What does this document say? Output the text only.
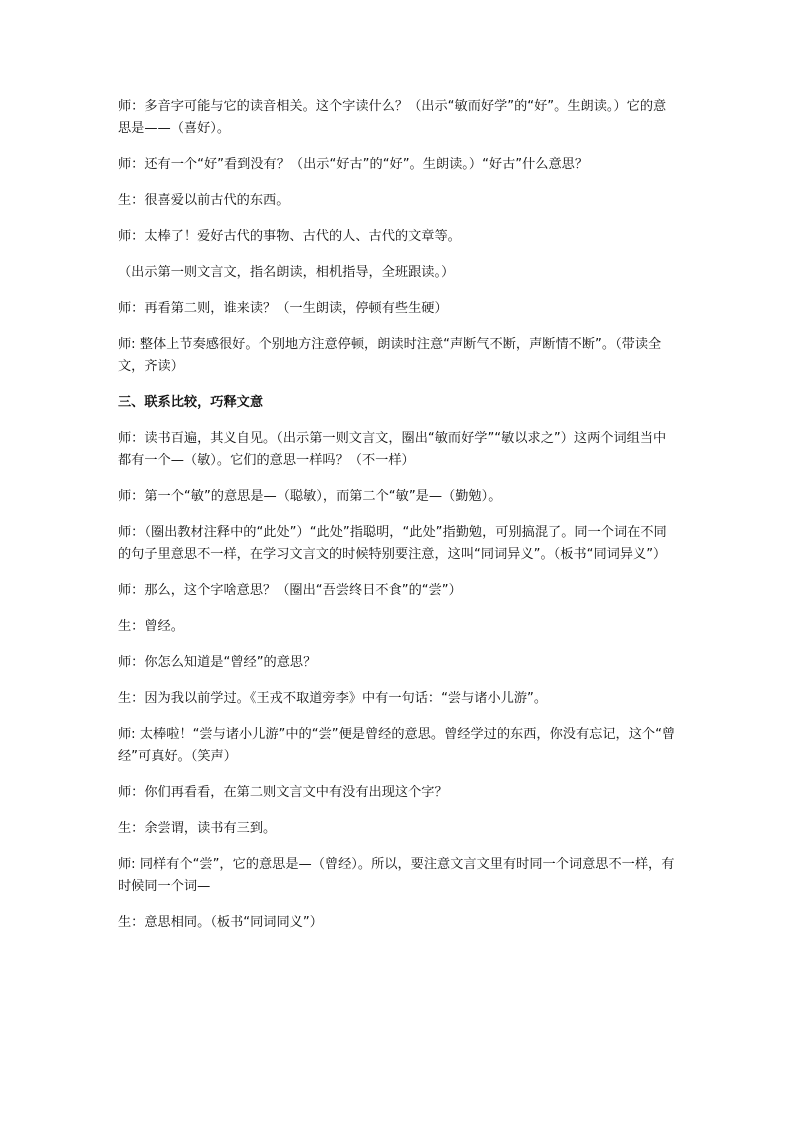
师：多音字可能与它的读音相关。这个字读什么？（出示“敏而好学”的“好”。生朗读。）它的意思是——（喜好）。

师：还有一个“好”看到没有？（出示“好古”的“好”。生朗读。）“好古”什么意思？

生：很喜爱以前古代的东西。

师：太棒了！爱好古代的事物、古代的人、古代的文章等。

（出示第一则文言文，指名朗读，相机指导，全班跟读。）

师：再看第二则，谁来读？（一生朗读，停顿有些生硬）

师: 整体上节奏感很好。个别地方注意停顿，朗读时注意“声断气不断，声断情不断”。（带读全文，齐读）

三、联系比较，巧释文意

师：读书百遍，其义自见。（出示第一则文言文，圈出“敏而好学”“敏以求之”）这两个词组当中都有一个—（敏）。它们的意思一样吗？（不一样）

师：第一个“敏”的意思是—（聪敏），而第二个“敏”是—（勤勉）。

师：（圈出教材注释中的“此处”）“此处”指聪明，“此处”指勤勉，可别搞混了。同一个词在不同的句子里意思不一样，在学习文言文的时候特别要注意，这叫“同词异义”。（板书“同词异义”）

师：那么，这个字啥意思？（圈出“吾尝终日不食”的“尝”）

生：曾经。

师：你怎么知道是“曾经”的意思？

生：因为我以前学过。《王戎不取道旁李》中有一句话：“尝与诸小儿游”。

师: 太棒啦！“尝与诸小儿游”中的“尝”便是曾经的意思。曾经学过的东西，你没有忘记，这个“曾经”可真好。（笑声）

师：你们再看看，在第二则文言文中有没有出现这个字？

生：余尝谓，读书有三到。

师: 同样有个“尝”，它的意思是—（曾经）。所以，要注意文言文里有时同一个词意思不一样，有时候同一个词—

生：意思相同。（板书“同词同义”）
